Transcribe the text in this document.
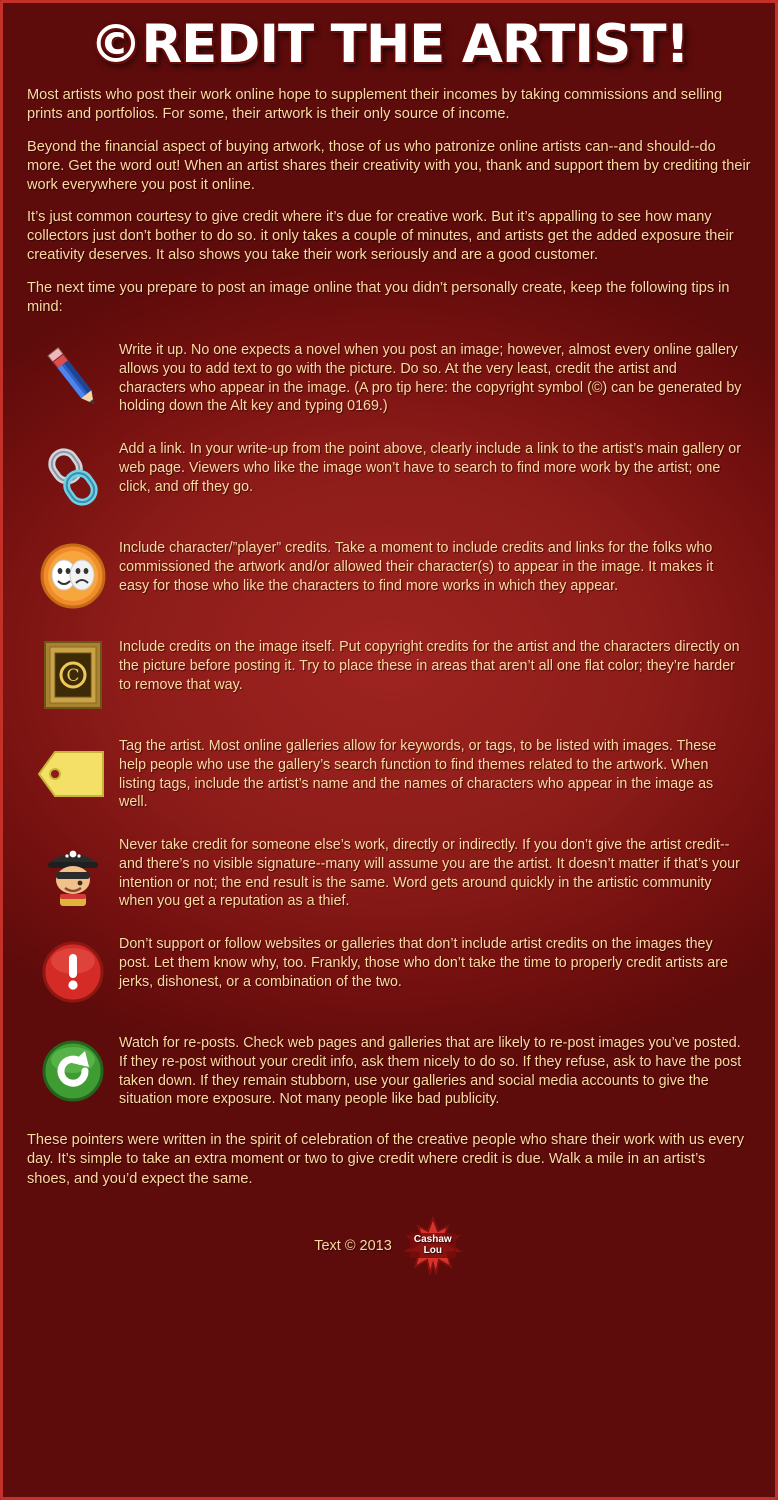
©REDIT THE ARTIST!

Most artists who post their work online hope to supplement their incomes by taking commissions and selling prints and portfolios. For some, their artwork is their only source of income.

Beyond the financial aspect of buying artwork, those of us who patronize online artists can--and should--do more. Get the word out! When an artist shares their creativity with you, thank and support them by crediting their work everywhere you post it online.

It’s just common courtesy to give credit where it’s due for creative work. But it’s appalling to see how many collectors just don’t bother to do so. it only takes a couple of minutes, and artists get the added exposure their creativity deserves. It also shows you take their work seriously and are a good customer.

The next time you prepare to post an image online that you didn’t personally create, keep the following tips in mind:

Write it up. No one expects a novel when you post an image; however, almost every online gallery allows you to add text to go with the picture. Do so. At the very least, credit the artist and characters who appear in the image. (A pro tip here: the copyright symbol (©) can be generated by holding down the Alt key and typing 0169.)
Add a link. In your write-up from the point above, clearly include a link to the artist’s main gallery or web page. Viewers who like the image won’t have to search to find more work by the artist; one click, and off they go.
Include character/”player” credits. Take a moment to include credits and links for the folks who commissioned the artwork and/or allowed their character(s) to appear in the image. It makes it easy for those who like the characters to find more works in which they appear.
C
Include credits on the image itself. Put copyright credits for the artist and the characters directly on the picture before posting it. Try to place these in areas that aren’t all one flat color; they’re harder to remove that way.
Tag the artist. Most online galleries allow for keywords, or tags, to be listed with images. These help people who use the gallery’s search function to find themes related to the artwork. When listing tags, include the artist’s name and the names of characters who appear in the image as well.
Never take credit for someone else’s work, directly or indirectly. If you don’t give the artist credit--and there’s no visible signature--many will assume you are the artist. It doesn’t matter if that’s your intention or not; the end result is the same. Word gets around quickly in the artistic community when you get a reputation as a thief.
Don’t support or follow websites or galleries that don’t include artist credits on the images they post. Let them know why, too. Frankly, those who don’t take the time to properly credit artists are jerks, dishonest, or a combination of the two.
Watch for re-posts. Check web pages and galleries that are likely to re-post images you’ve posted. If they re-post without your credit info, ask them nicely to do so. If they refuse, ask to have the post taken down. If they remain stubborn, use your galleries and social media accounts to give the situation more exposure. Not many people like bad publicity.
These pointers were written in the spirit of celebration of the creative people who share their work with us every day. It’s simple to take an extra moment or two to give credit where credit is due. Walk a mile in an artist’s shoes, and you’d expect the same.
Text © 2013	Cashaw
Lou
